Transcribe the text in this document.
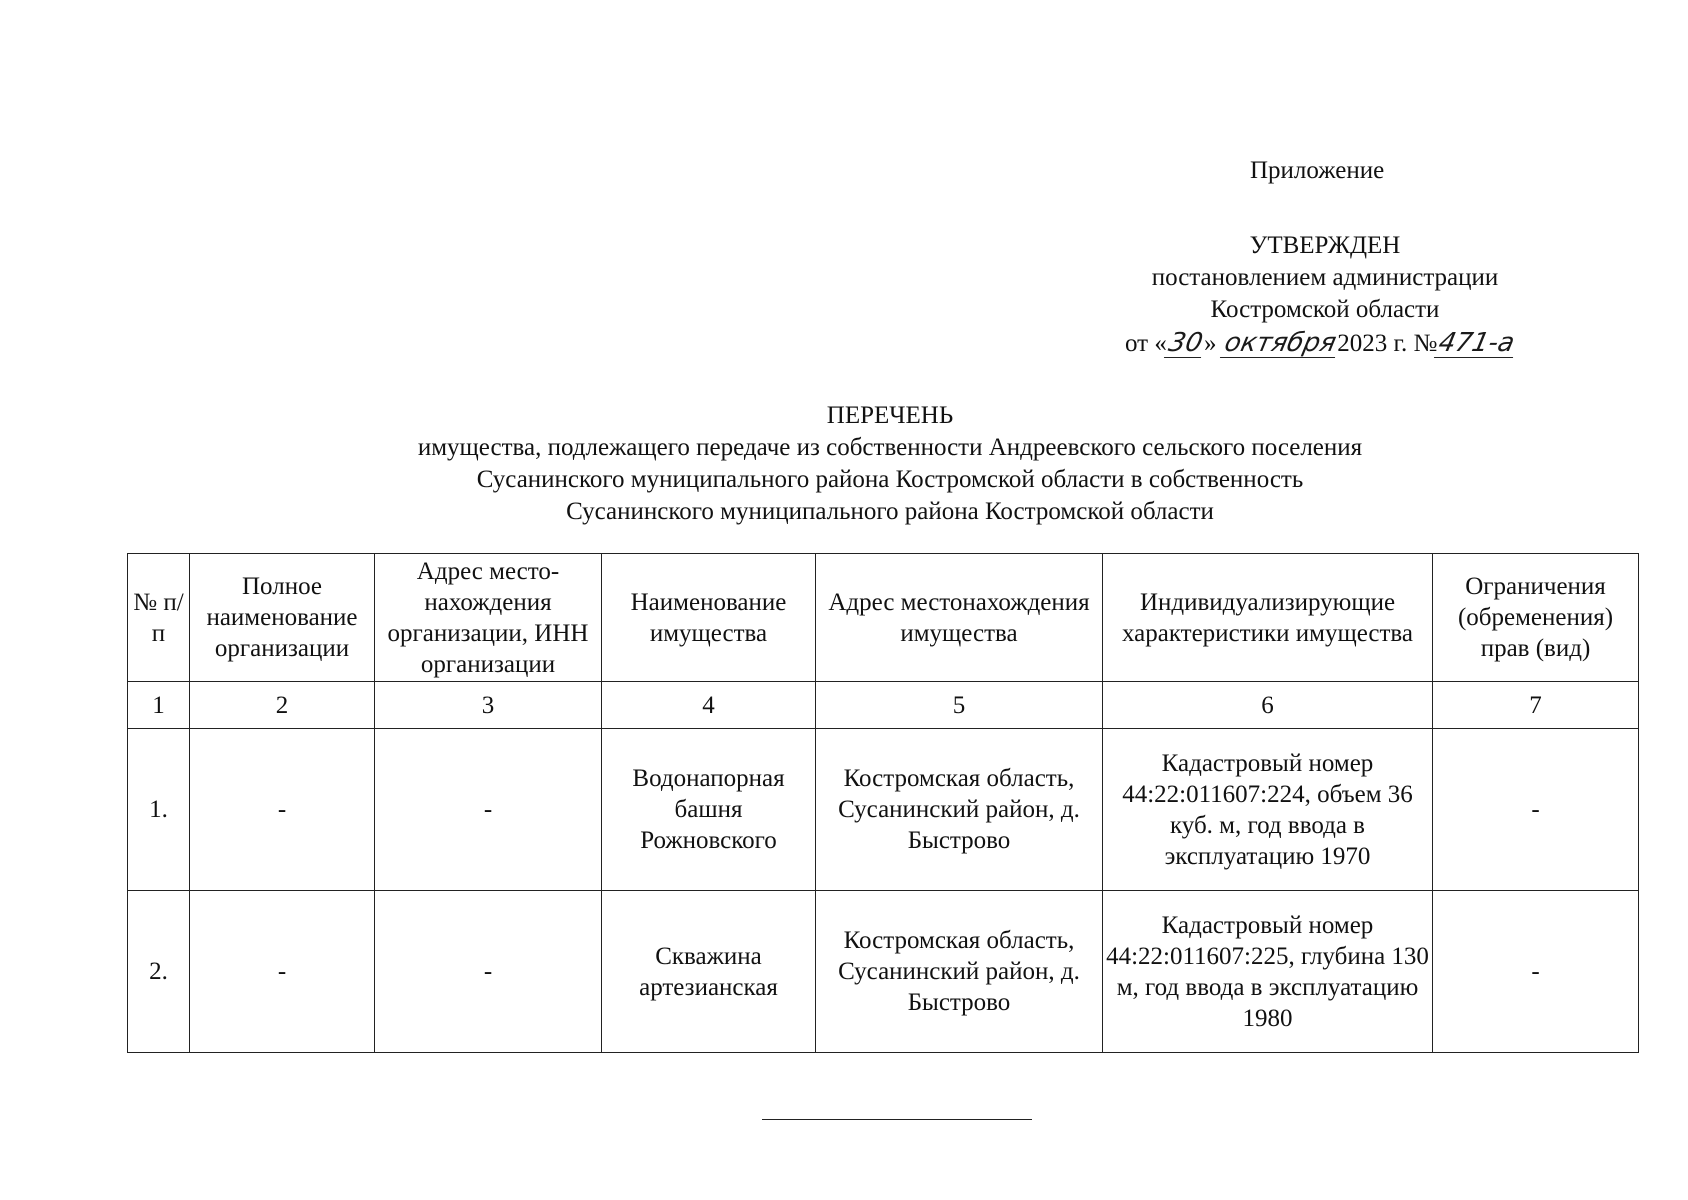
Приложение
УТВЕРЖДЕН
постановлением администрации
Костромской области
от «30» октября2023 г. №471-а
ПЕРЕЧЕНЬ
имущества, подлежащего передаче из собственности Андреевского сельского поселения
Сусанинского муниципального района Костромской области в собственность
Сусанинского муниципального района Костромской области
№ п/п	Полное наименование организации	Адрес место-нахождения организации, ИНН организации	Наименование имущества	Адрес местонахождения имущества	Индивидуализирующие характеристики имущества	Ограничения (обременения) прав (вид)
1	2	3	4	5	6	7
1.	-	-	Водонапорная башня Рожновского	Костромская область, Сусанинский район, д. Быстрово	Кадастровый номер 44:22:011607:224, объем 36 куб. м, год ввода в эксплуатацию 1970	-
2.	-	-	Скважина артезианская	Костромская область, Сусанинский район, д. Быстрово	Кадастровый номер 44:22:011607:225, глубина 130 м, год ввода в эксплуатацию 1980	-
